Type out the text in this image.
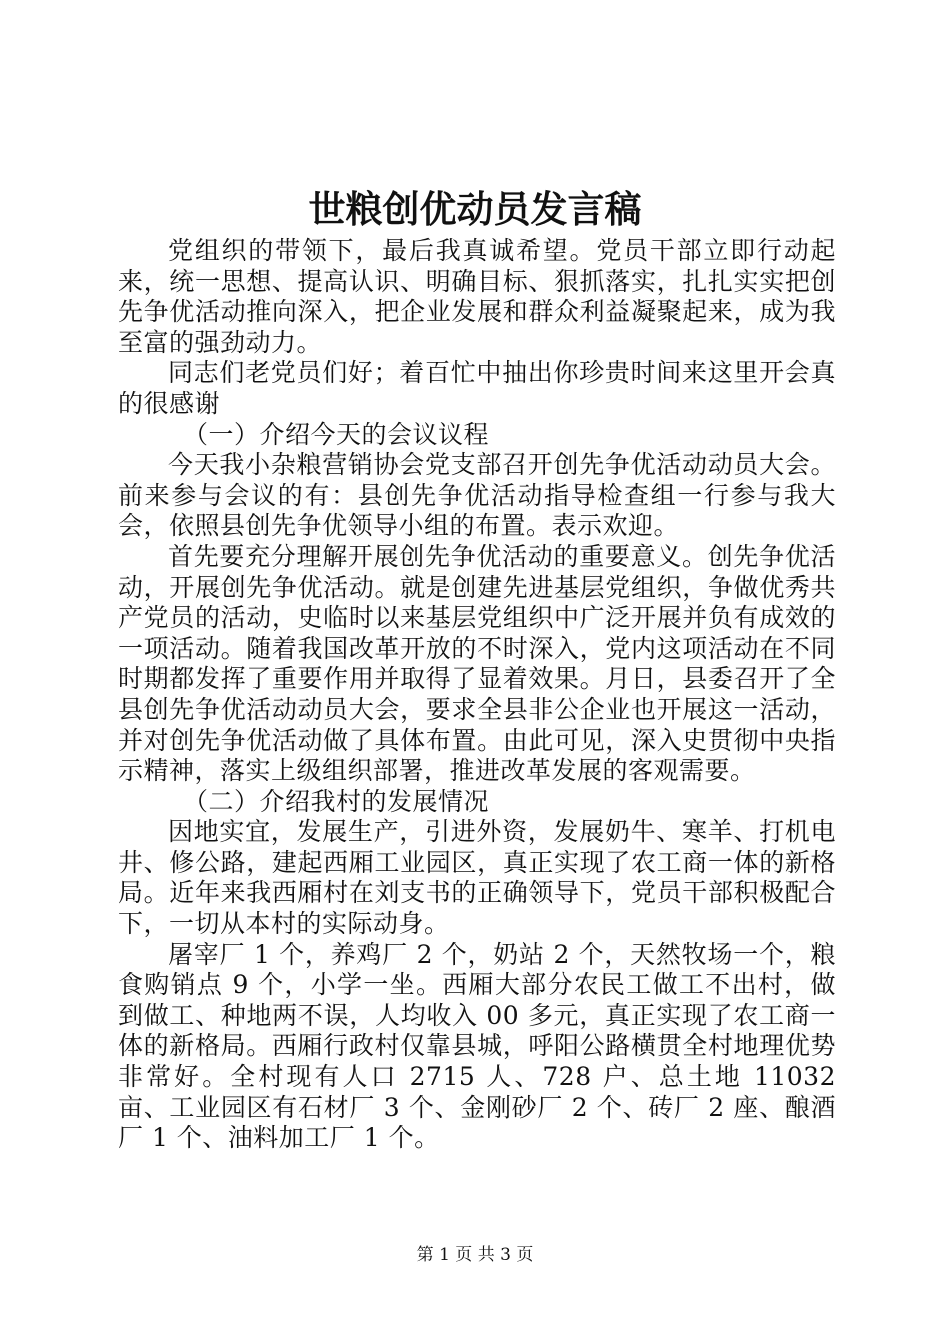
世粮创优动员发言稿

党组织的带领下，最后我真诚希望。党员干部立即行动起来，统一思想、提高认识、明确目标、狠抓落实，扎扎实实把创先争优活动推向深入，把企业发展和群众利益凝聚起来，成为我至富的强劲动力。

同志们老党员们好；着百忙中抽出你珍贵时间来这里开会真的很感谢

（一）介绍今天的会议议程

今天我小杂粮营销协会党支部召开创先争优活动动员大会。前来参与会议的有：县创先争优活动指导检查组一行参与我大会，依照县创先争优领导小组的布置。表示欢迎。

首先要充分理解开展创先争优活动的重要意义。创先争优活动，开展创先争优活动。就是创建先进基层党组织，争做优秀共产党员的活动，史临时以来基层党组织中广泛开展并负有成效的一项活动。随着我国改革开放的不时深入，党内这项活动在不同时期都发挥了重要作用并取得了显着效果。月日，县委召开了全县创先争优活动动员大会，要求全县非公企业也开展这一活动，并对创先争优活动做了具体布置。由此可见，深入史贯彻中央指示精神，落实上级组织部署，推进改革发展的客观需要。

（二）介绍我村的发展情况

因地实宜，发展生产，引进外资，发展奶牛、寒羊、打机电井、修公路，建起西厢工业园区，真正实现了农工商一体的新格局。近年来我西厢村在刘支书的正确领导下，党员干部积极配合下，一切从本村的实际动身。

屠宰厂 1 个，养鸡厂 2 个，奶站 2 个，天然牧场一个，粮食购销点 9 个，小学一坐。西厢大部分农民工做工不出村，做到做工、种地两不误，人均收入 00 多元，真正实现了农工商一体的新格局。西厢行政村仅靠县城，呼阳公路横贯全村地理优势非常好。全村现有人口 2715 人、728 户、总土地 11032 亩、工业园区有石材厂 3 个、金刚砂厂 2 个、砖厂 2 座、酿酒厂 1 个、油料加工厂 1 个。

第 1 页 共 3 页
